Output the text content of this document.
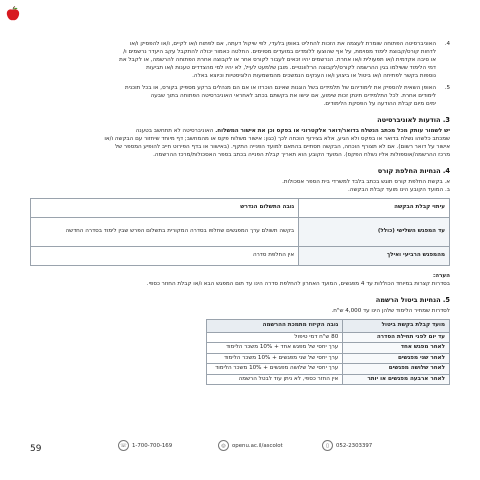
4.

האוניברסיטה הפתוחה שומרת לעצמה את הזכות להחליט באופן בלעדי, לפי שיקול דעתה, אם לפתוח ו/או לקיים, ו/או להפסיק ו/או

לדחות קורס/קבוצת לימוד מסוימת, על אף שהוצעו ללומדים במועדים מסוימים. החלטה כאמור יכולה להתקבל עקב היעדר נרשמים ו/

או סיבה אקדמית ו/או תפעולית ו/או אחרת. הנרשמים יהיו זכאים לעבור לקורס אחר או לקבוצה אחרת הפתוחה להרשמה, או לקבל את

דמי הלימוד ששילמו בגין ההרשמה לקורס/לקבוצה הרלוונטיים. מובן שלמעט לעיל, לא יהיו למי מהצדדים טענות ו/או תביעות

נוספות בקשר לפתיחה ו/או ביטול או ביצוע ו/או הענקים הנמשכים מהמשמעות הלוגיסטיות וכיוצא באלה.

5.

האופן השאית להספיק את לימודיהם של תלמידים בשל הוגנות שאינם הוכרזו או אם הם מנהלים ברקע מספיק בקורס, או בכל תוכנית

לימודים אחרת. לכל התלמידים תינתן זכות שימוע, אם יגישו את בקשתם בכתב לאחראי האוניברסיטה הפתוחה בתוך שבעה

ימים מיום קבלת ההודעה על הפסקת הלימודים.

3. הודעות לאוניברסיטה

יש לשמור עותק מכל מכתב הנשלח בדואר/דואר אלקטרוני או בפקס וכן את אישור המשלוח. האוניברסיטה לא תתחשב בטענה

שמכתב כלשהו נשלח בדואר או בפקס ולא הגיע, אלא בצירוף הוכחה לכך (כגון: אישור משלוח פקס או מהמחשב; דף מיוחד שיחזור עם הבקשה ו/או

אישור על דואר רשום). אם לא תצורף הוכחה, הבקשה תסתיים בהתאם למועד הפנייה התקף. (באישור או בדף הפירוט חייב להופיע המספר של

מרכז ההרשמה/אוספולות אליו נשלח הפקס). המועד הקובע הוא תאריך קבלת הפנייה בכתב בספר האסכולות/מרכז ההרשמה.

4. הנחיות החלפת קורס

א. בקשת החלפת קורס תוגש בכתב בלבד למשרדי בית הספר אסכולות.

ב. המועד הקובע הינו מועד קבלת הבקשה.

עיתוי קבלת הבקשה	גובה התשלום הנדרש
עד המפגש השלישי (כולל)	בקשה תשולם ערך המפגשים שחלפו בסדרה המקורית בתשלום הפרש שבין לימוד בסדרה החדשה
מהמפגש הרביעי ואילך	אין החלפת סדרה

הערה:

בסדרות קצרות במיוחד הכוללות עד 4 מפגשים, המועד האחרון להחלפת סדרה הינו עד תום המפגש הבא ו/או קבלת החוזר כספי.

5. הנחיות ביטול הרשמה

לסדרות שמחיר הלימוד שלהן הינו עד 4,000 ש"ח.

מועד קבלת בקשת ביטול	גובה הקיזוז מתמכת ההרשמה
עד יום לפני תחילת הסדרה	80 ש"ח דמי טיפול
לאחר מפגש אחד	ערך יחסי של מפגש אחד + 10% משכר הלימוד
לאחר שני מפגשים	ערך יחסי של שני מפגשים + 10% משכר הלימוד
לאחר שלושה מפגשים	ערך יחסי של שלושה מפגשים + 10% משכר הלימוד
לאחר ארבעה מפגשים או יותר	אין החזר כספי, לא ניתן עוד לבטל הרשמה
59	☏ 1-700-700-169	◎	openu.ac.il/ascolot	▯	052-2303397
